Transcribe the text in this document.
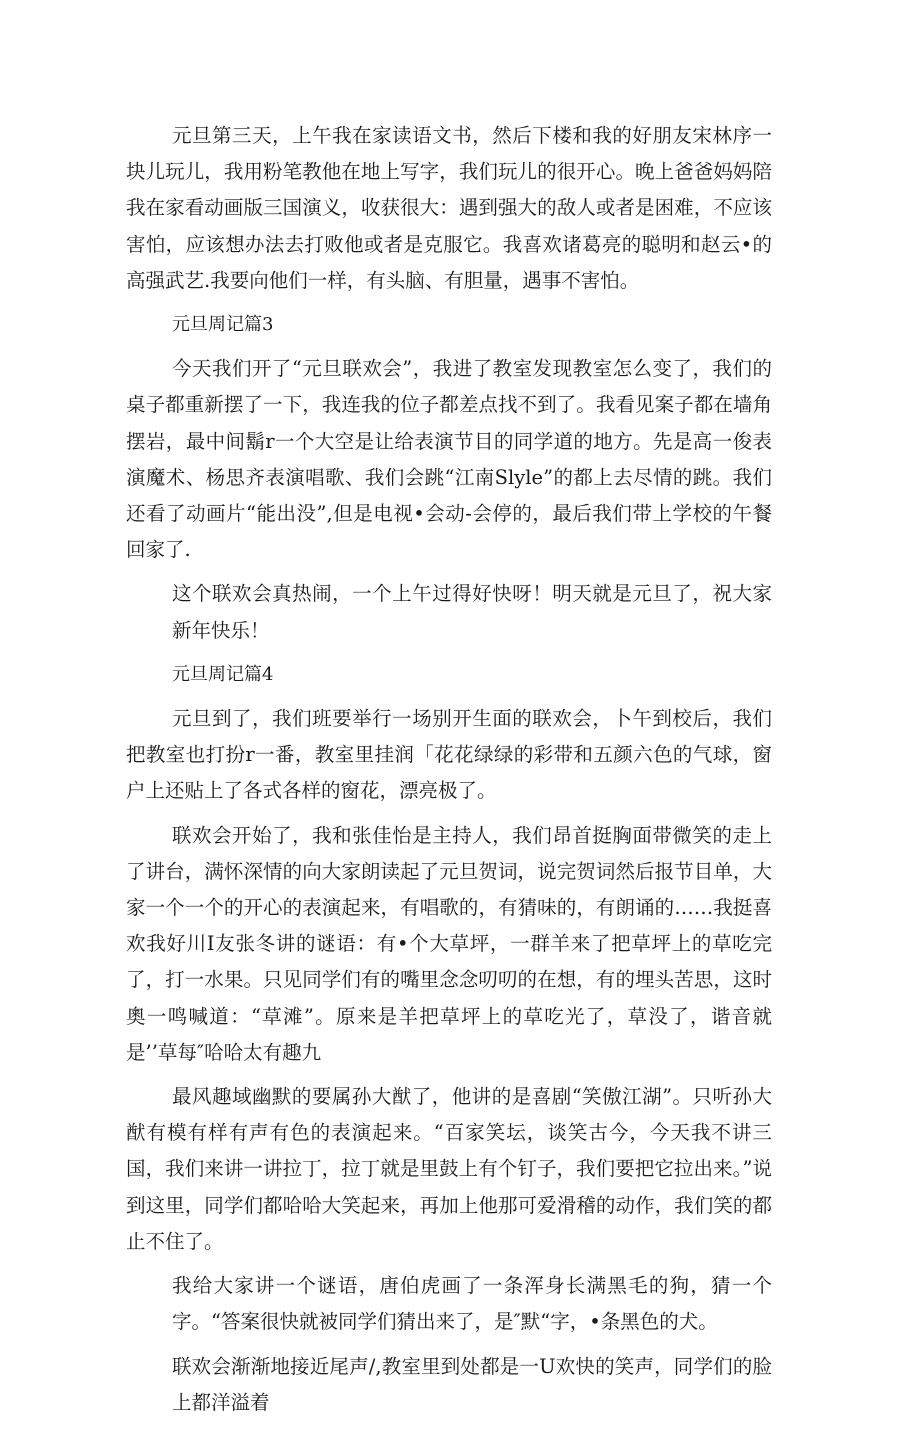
元旦第三天，上午我在家读语文书，然后下楼和我的好朋友宋林序一块儿玩儿，我用粉笔教他在地上写字，我们玩儿的很开心。晚上爸爸妈妈陪我在家看动画版三国演义，收获很大：遇到强大的敌人或者是困难，不应该害怕，应该想办法去打败他或者是克服它。我喜欢诸葛亮的聪明和赵云•的高强武艺.我要向他们一样，有头脑、有胆量，遇事不害怕。

元旦周记篇3

今天我们开了“元旦联欢会”，我进了教室发现教室怎么变了，我们的桌子都重新摆了一下，我连我的位子都差点找不到了。我看见案子都在墙角摆岩，最中间鬍r一个大空是让给表演节目的同学道的地方。先是高一俊表演魔术、杨思齐表演唱歌、我们会跳“江南Slyle”的都上去尽情的跳。我们还看了动画片“能出没”,但是电视•会动-会停的，最后我们带上学校的午餐回家了.

这个联欢会真热闹，一个上午过得好快呀！明天就是元旦了，祝大家新年快乐！

元旦周记篇4

元旦到了，我们班要举行一场别开生面的联欢会，卜午到校后，我们把教室也打扮r一番，教室里挂润「花花绿绿的彩带和五颜六色的气球，窗户上还贴上了各式各样的窗花，漂亮极了。

联欢会开始了，我和张佳怡是主持人，我们昂首挺胸面带微笑的走上了讲台，满怀深情的向大家朗读起了元旦贺词，说完贺词然后报节目单，大家一个一个的开心的表演起来，有唱歌的，有猜味的，有朗诵的……我挺喜欢我好川I友张冬讲的谜语：有•个大草坪，一群羊来了把草坪上的草吃完了，打一水果。只见同学们有的嘴里念念叨叨的在想，有的埋头苦思，这时奧一鸣喊道：“草滩”。原来是羊把草坪上的草吃光了，草没了，谐音就是’’草每″哈哈太有趣九

最风趣域幽默的要属孙大猷了，他讲的是喜剧“笑傲江湖”。只听孙大猷有模有样有声有色的表演起来。“百家笑坛，谈笑古今，今天我不讲三国，我们来讲一讲拉丁，拉丁就是里鼓上有个钉子，我们要把它拉出来。”说到这里，同学们都哈哈大笑起来，再加上他那可爱滑稽的动作，我们笑的都止不住了。

我给大家讲一个谜语，唐伯虎画了一条浑身长满黑毛的狗，猜一个字。“答案很快就被同学们猜出来了，是″默“字，•条黑色的犬。

联欢会渐渐地接近尾声/,教室里到处都是一U欢快的笑声，同学们的脸上都洋溢着
